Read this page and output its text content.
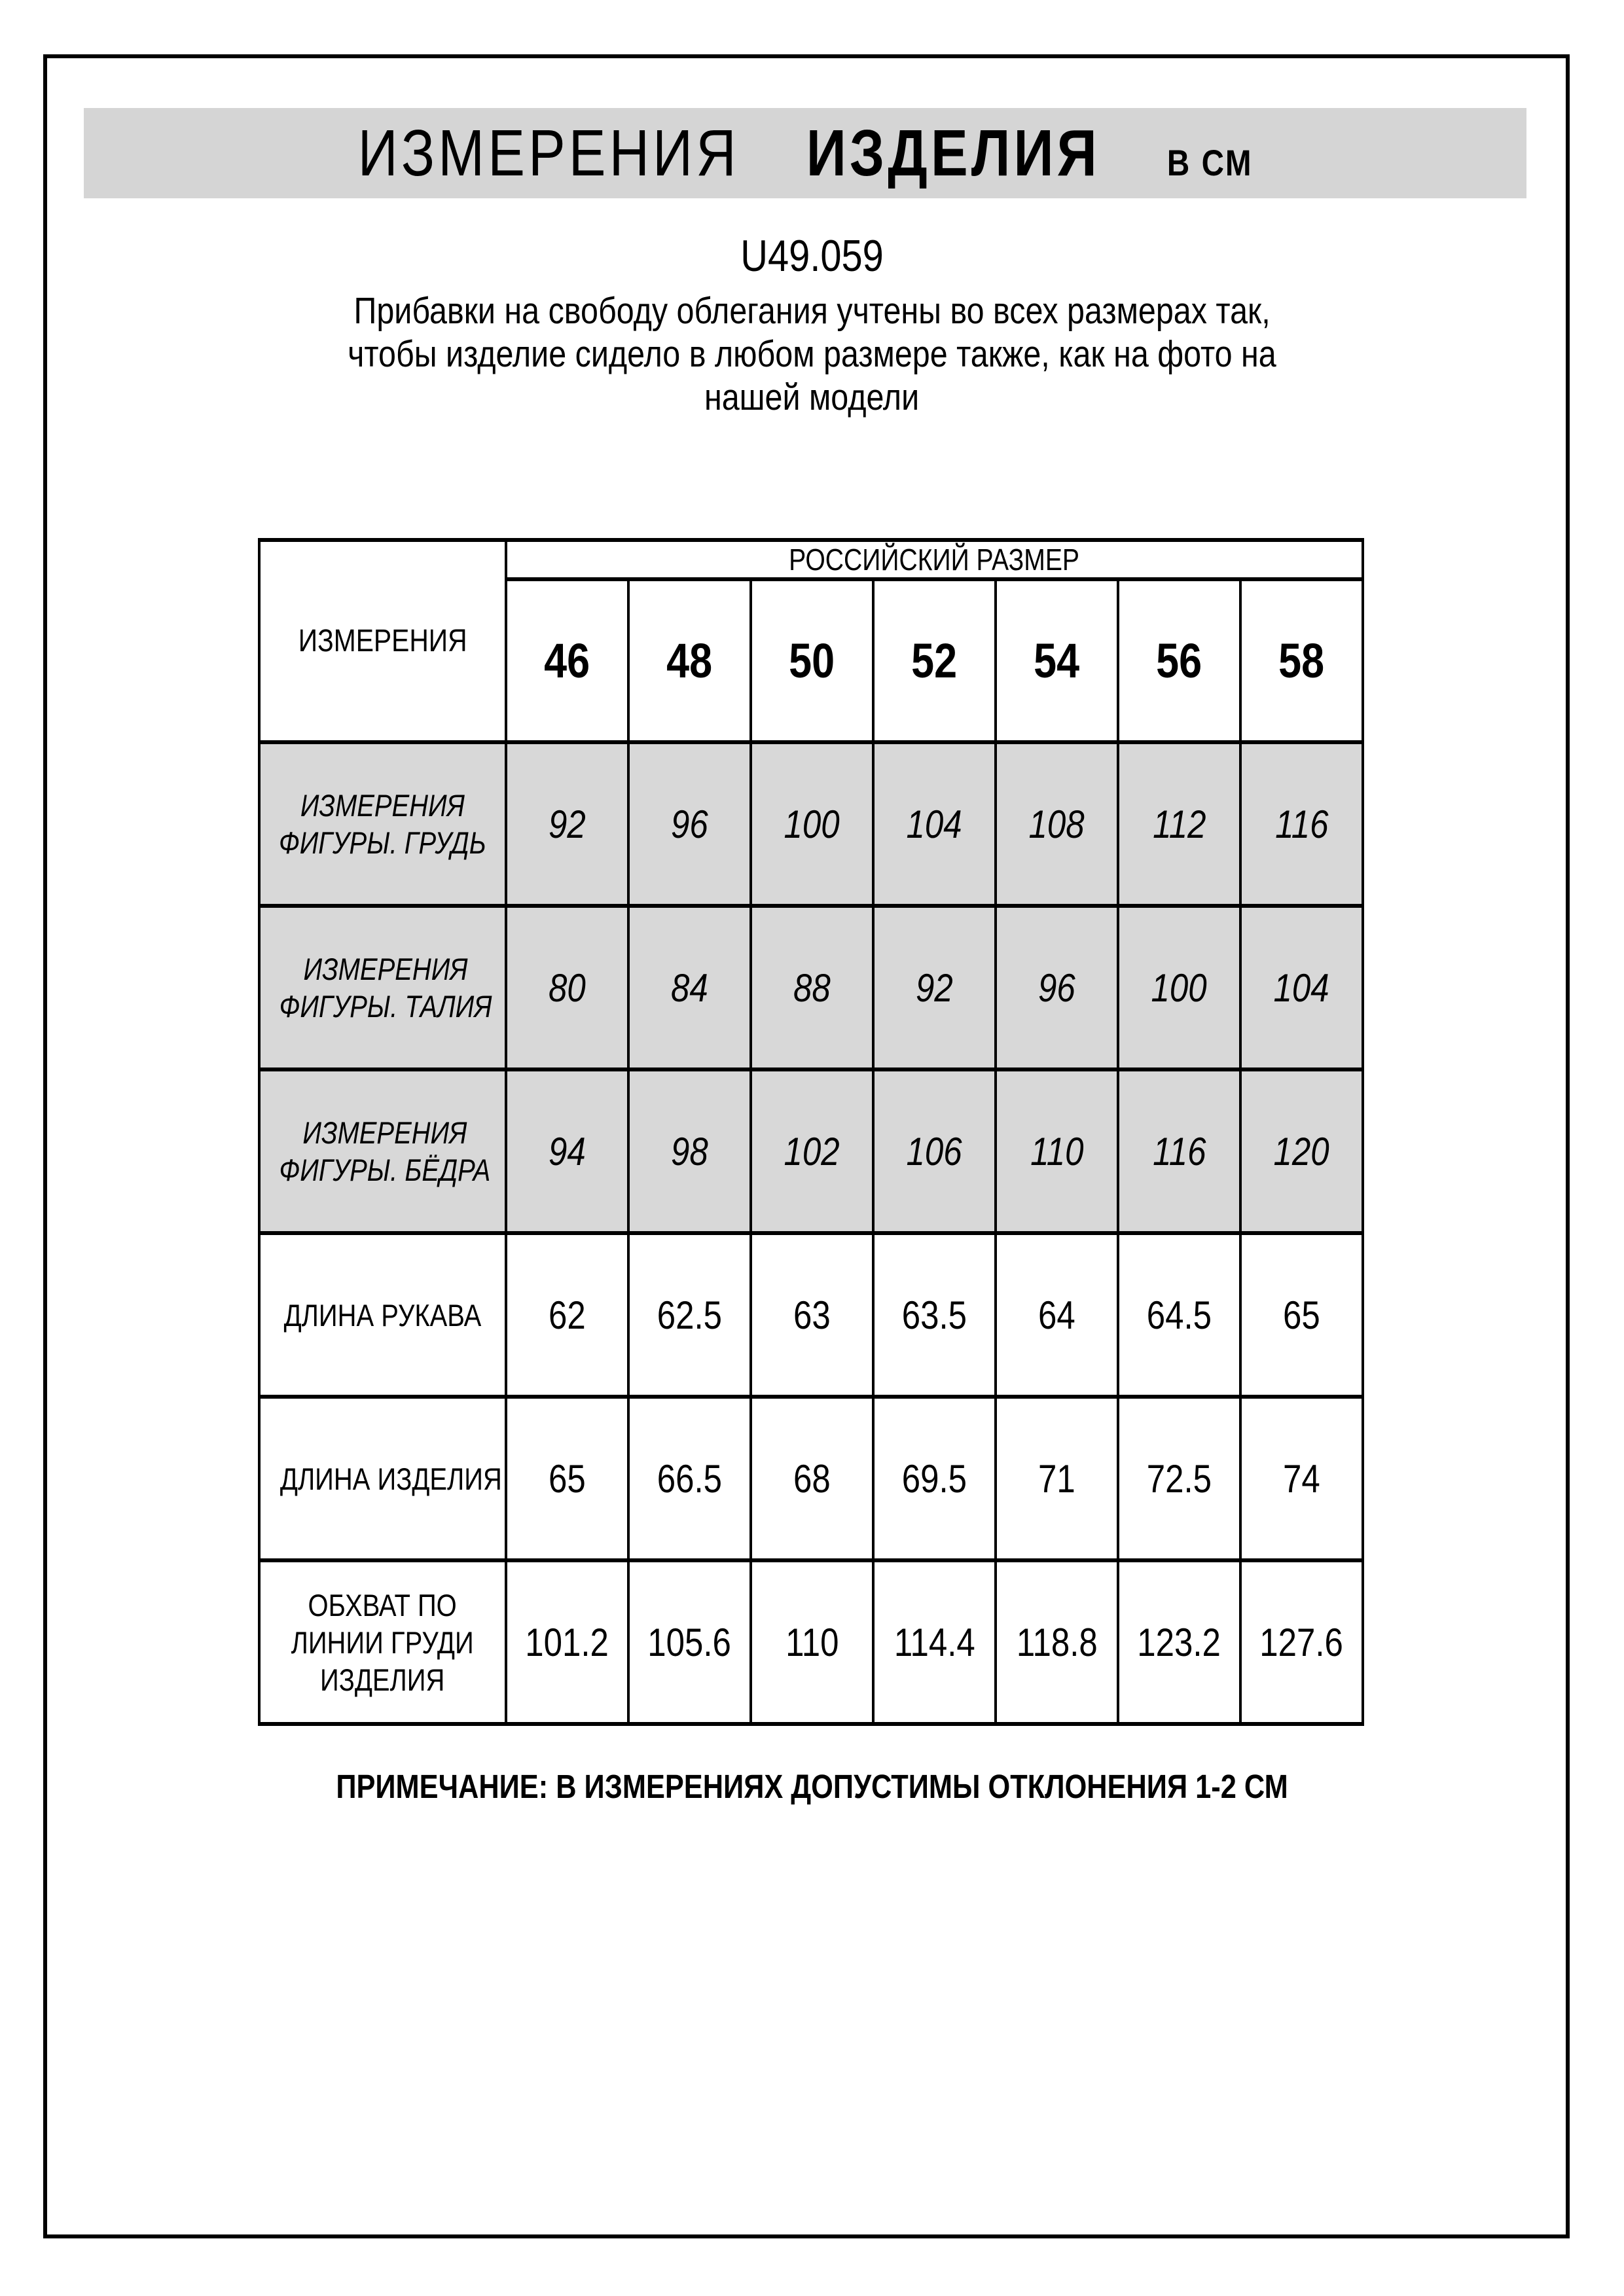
ИЗМЕРЕНИЯ ИЗДЕЛИЯ В СМ
U49.059
Прибавки на свободу облегания учтены во всех размерах так,
чтобы изделие сидело в любом размере также, как на фото на
нашей модели
ИЗМЕРЕНИЯ	РОССИЙСКИЙ РАЗМЕР						
	46	48	50	52	54	56	58

ИЗМЕРЕНИЯ
ФИГУРЫ. ГРУДЬ	92	96	100	104	108	112	116

ИЗМЕРЕНИЯ
ФИГУРЫ. ТАЛИЯ	80	84	88	92	96	100	104

ИЗМЕРЕНИЯ
ФИГУРЫ. БЁДРА	94	98	102	106	110	116	120

ДЛИНА РУКАВА	62	62.5	63	63.5	64	64.5	65

ДЛИНА ИЗДЕЛИЯ	65	66.5	68	69.5	71	72.5	74

ОБХВАТ ПО
ЛИНИИ ГРУДИ
ИЗДЕЛИЯ	101.2	105.6	110	114.4	118.8	123.2	127.6
ПРИМЕЧАНИЕ: В ИЗМЕРЕНИЯХ ДОПУСТИМЫ ОТКЛОНЕНИЯ 1-2 СМ
